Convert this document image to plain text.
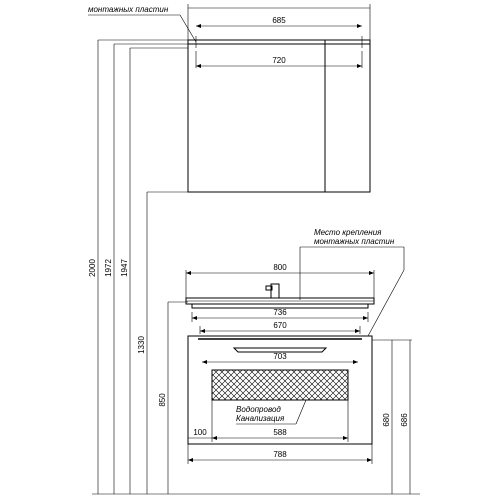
685
720
монтажных пластин
2000 1972 1947
1330
850
800
736
670
703
Водопровод
Канализация
100	588
788
680 686
Место крепления
монтажных пластин
